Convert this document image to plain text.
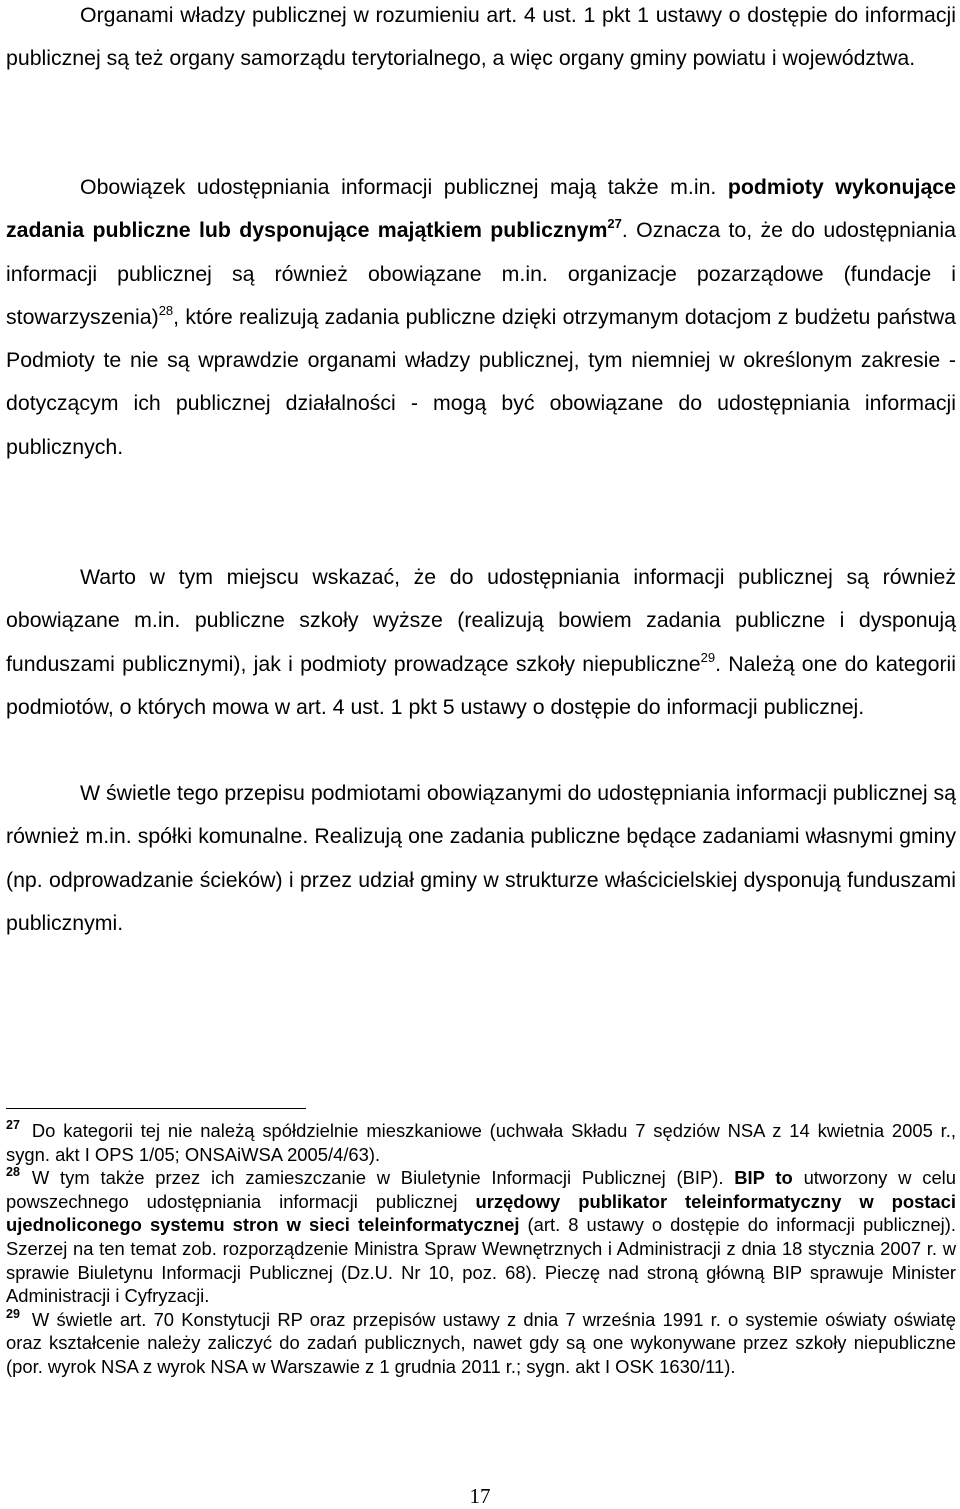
Organami władzy publicznej w rozumieniu art. 4 ust. 1 pkt 1 ustawy o dostępie do informacji publicznej są też organy samorządu terytorialnego, a więc organy gminy powiatu i województwa.

Obowiązek udostępniania informacji publicznej mają także m.in. podmioty wykonujące zadania publiczne lub dysponujące majątkiem publicznym$^{27}$. Oznacza to, że do udostępniania informacji publicznej są również obowiązane m.in. organizacje pozarządowe (fundacje i stowarzyszenia)$^{28}$, które realizują zadania publiczne dzięki otrzymanym dotacjom z budżetu państwa Podmioty te nie są wprawdzie organami władzy publicznej, tym niemniej w określonym zakresie - dotyczącym ich publicznej działalności - mogą być obowiązane do udostępniania informacji publicznych.

Warto w tym miejscu wskazać, że do udostępniania informacji publicznej są również obowiązane m.in. publiczne szkoły wyższe (realizują bowiem zadania publiczne i dysponują funduszami publicznymi), jak i podmioty prowadzące szkoły niepubliczne$^{29}$. Należą one do kategorii podmiotów, o których mowa w art. 4 ust. 1 pkt 5 ustawy o dostępie do informacji publicznej.

W świetle tego przepisu podmiotami obowiązanymi do udostępniania informacji publicznej są również m.in. spółki komunalne. Realizują one zadania publiczne będące zadaniami własnymi gminy (np. odprowadzanie ścieków) i przez udział gminy w strukturze właścicielskiej dysponują funduszami publicznymi.

$^{27}$ Do kategorii tej nie należą spółdzielnie mieszkaniowe (uchwała Składu 7 sędziów NSA z 14 kwietnia 2005 r., sygn. akt I OPS 1/05; ONSAiWSA 2005/4/63).

$^{28}$ W tym także przez ich zamieszczanie w Biuletynie Informacji Publicznej (BIP). BIP to utworzony w celu powszechnego udostępniania informacji publicznej urzędowy publikator teleinformatyczny w postaci ujednoliconego systemu stron w sieci teleinformatycznej (art. 8 ustawy o dostępie do informacji publicznej). Szerzej na ten temat zob. rozporządzenie Ministra Spraw Wewnętrznych i Administracji z dnia 18 stycznia 2007 r. w sprawie Biuletynu Informacji Publicznej (Dz.U. Nr 10, poz. 68). Pieczę nad stroną główną BIP sprawuje Minister Administracji i Cyfryzacji.

$^{29}$ W świetle art. 70 Konstytucji RP oraz przepisów ustawy z dnia 7 września 1991 r. o systemie oświaty oświatę oraz kształcenie należy zaliczyć do zadań publicznych, nawet gdy są one wykonywane przez szkoły niepubliczne (por. wyrok NSA z wyrok NSA w Warszawie z 1 grudnia 2011 r.; sygn. akt I OSK 1630/11).

17
